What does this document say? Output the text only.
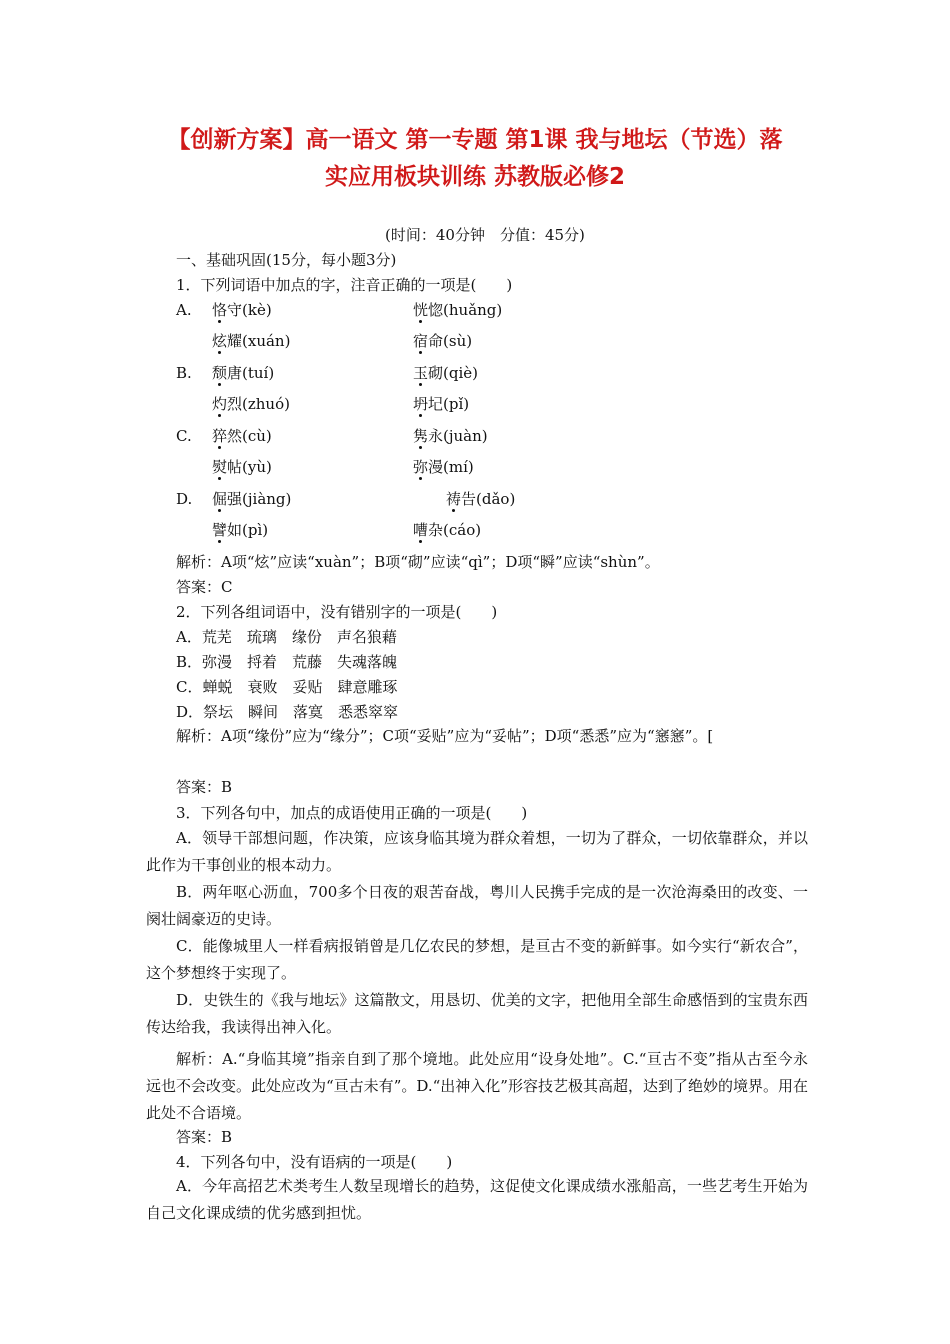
【创新方案】高一语文 第一专题 第1课 我与地坛（节选）落
实应用板块训练 苏教版必修2
(时间：40分钟　分值：45分)
一、基础巩固(15分，每小题3分)
1．下列词语中加点的字，注音正确的一项是(　　)
A. 恪守(kè)	恍惚(huǎng)
炫耀(xuán)	宿命(sù)
B. 颓唐(tuí)	玉砌(qiè)
灼烈(zhuó)	坍圮(pǐ)
C. 猝然(cù)	隽永(juàn)
熨帖(yù)	弥漫(mí)
D. 倔强(jiàng)	祷告(dǎo)
譬如(pì)	嘈杂(cáo)
解析：A项“炫”应读“xuàn”；B项“砌”应读“qì”；D项“瞬”应读“shùn”。
答案：C
2．下列各组词语中，没有错别字的一项是(　　)
A．荒芜　琉璃　缘份　声名狼藉
B．弥漫　捋着　荒藤　失魂落魄
C．蝉蜕　衰败　妥贴　肆意雕琢
D．祭坛　瞬间　落寞　悉悉窣窣
解析：A项“缘份”应为“缘分”；C项“妥贴”应为“妥帖”；D项“悉悉”应为“窸窸”。[
答案：B
3．下列各句中，加点的成语使用正确的一项是(　　)
A．领导干部想问题，作决策，应该身临其境为群众着想，一切为了群众，一切依靠群众，并以此作为干事创业的根本动力。
B．两年呕心沥血，700多个日夜的艰苦奋战，粤川人民携手完成的是一次沧海桑田的改变、一阕壮阔豪迈的史诗。
C．能像城里人一样看病报销曾是几亿农民的梦想，是亘古不变的新鲜事。如今实行“新农合”，这个梦想终于实现了。
D．史铁生的《我与地坛》这篇散文，用恳切、优美的文字，把他用全部生命感悟到的宝贵东西传达给我，我读得出神入化。
解析：A.“身临其境”指亲自到了那个境地。此处应用“设身处地”。C.“亘古不变”指从古至今永远也不会改变。此处应改为“亘古未有”。D.“出神入化”形容技艺极其高超，达到了绝妙的境界。用在此处不合语境。
答案：B
4．下列各句中，没有语病的一项是(　　)
A．今年高招艺术类考生人数呈现增长的趋势，这促使文化课成绩水涨船高，一些艺考生开始为自己文化课成绩的优劣感到担忧。
